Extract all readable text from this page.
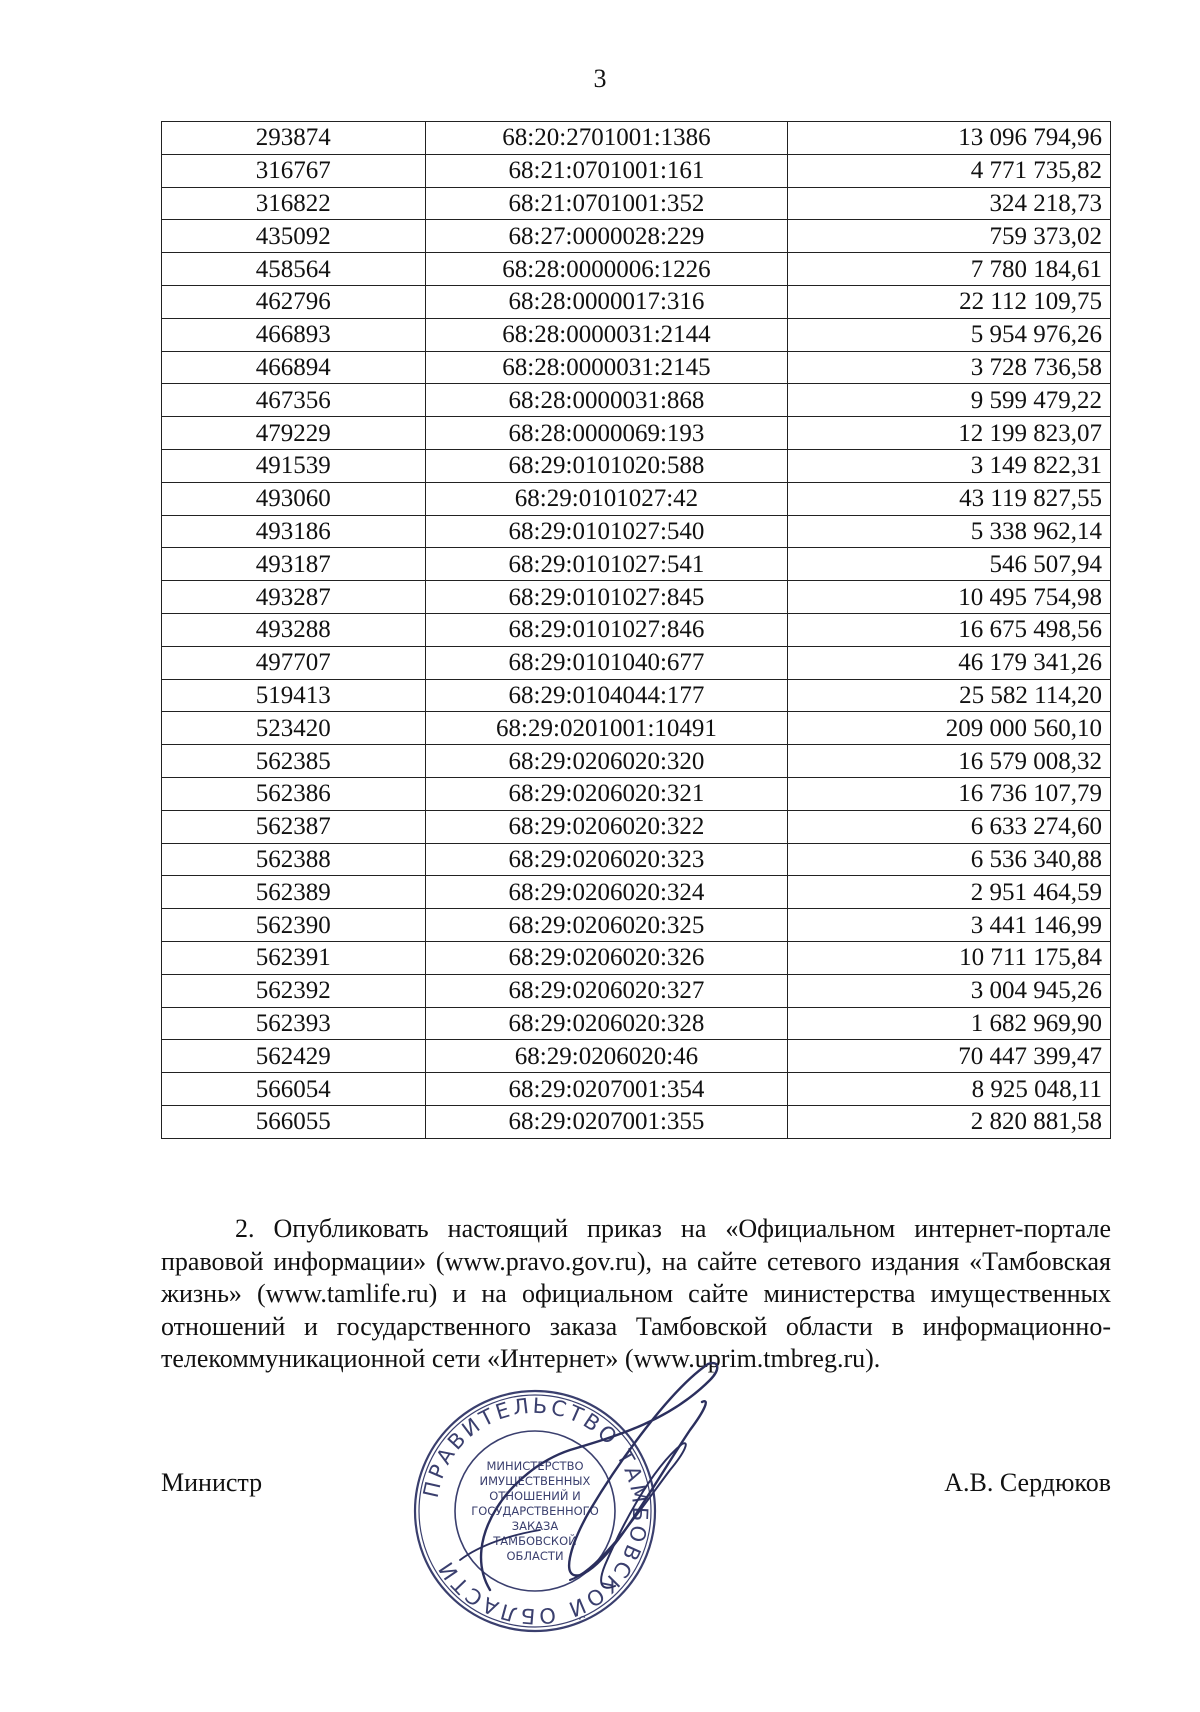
3
293874	68:20:2701001:1386	13 096 794,96
316767	68:21:0701001:161	4 771 735,82
316822	68:21:0701001:352	324 218,73
435092	68:27:0000028:229	759 373,02
458564	68:28:0000006:1226	7 780 184,61
462796	68:28:0000017:316	22 112 109,75
466893	68:28:0000031:2144	5 954 976,26
466894	68:28:0000031:2145	3 728 736,58
467356	68:28:0000031:868	9 599 479,22
479229	68:28:0000069:193	12 199 823,07
491539	68:29:0101020:588	3 149 822,31
493060	68:29:0101027:42	43 119 827,55
493186	68:29:0101027:540	5 338 962,14
493187	68:29:0101027:541	546 507,94
493287	68:29:0101027:845	10 495 754,98
493288	68:29:0101027:846	16 675 498,56
497707	68:29:0101040:677	46 179 341,26
519413	68:29:0104044:177	25 582 114,20
523420	68:29:0201001:10491	209 000 560,10
562385	68:29:0206020:320	16 579 008,32
562386	68:29:0206020:321	16 736 107,79
562387	68:29:0206020:322	6 633 274,60
562388	68:29:0206020:323	6 536 340,88
562389	68:29:0206020:324	2 951 464,59
562390	68:29:0206020:325	3 441 146,99
562391	68:29:0206020:326	10 711 175,84
562392	68:29:0206020:327	3 004 945,26
562393	68:29:0206020:328	1 682 969,90
562429	68:29:0206020:46	70 447 399,47
566054	68:29:0207001:354	8 925 048,11
566055	68:29:0207001:355	2 820 881,58

2. Опубликовать настоящий приказ на «Официальном интернет-портале правовой информации» (www.pravo.gov.ru), на сайте сетевого издания «Тамбовская жизнь» (www.tamlife.ru) и на официальном сайте министерства имущественных отношений и государственного заказа Тамбовской области в информационно-телекоммуникационной сети «Интернет» (www.uprim.tmbreg.ru).

Министр	А.В. Сердюков
ПРАВИТЕЛЬСТВО ТАМБОВСКОЙ ОБЛАСТИ
МИНИСТЕРСТВО
ИМУЩЕСТВЕННЫХ
ОТНОШЕНИЙ И
ГОСУДАРСТВЕННОГО
ЗАКАЗА
ТАМБОВСКОЙ
ОБЛАСТИ
